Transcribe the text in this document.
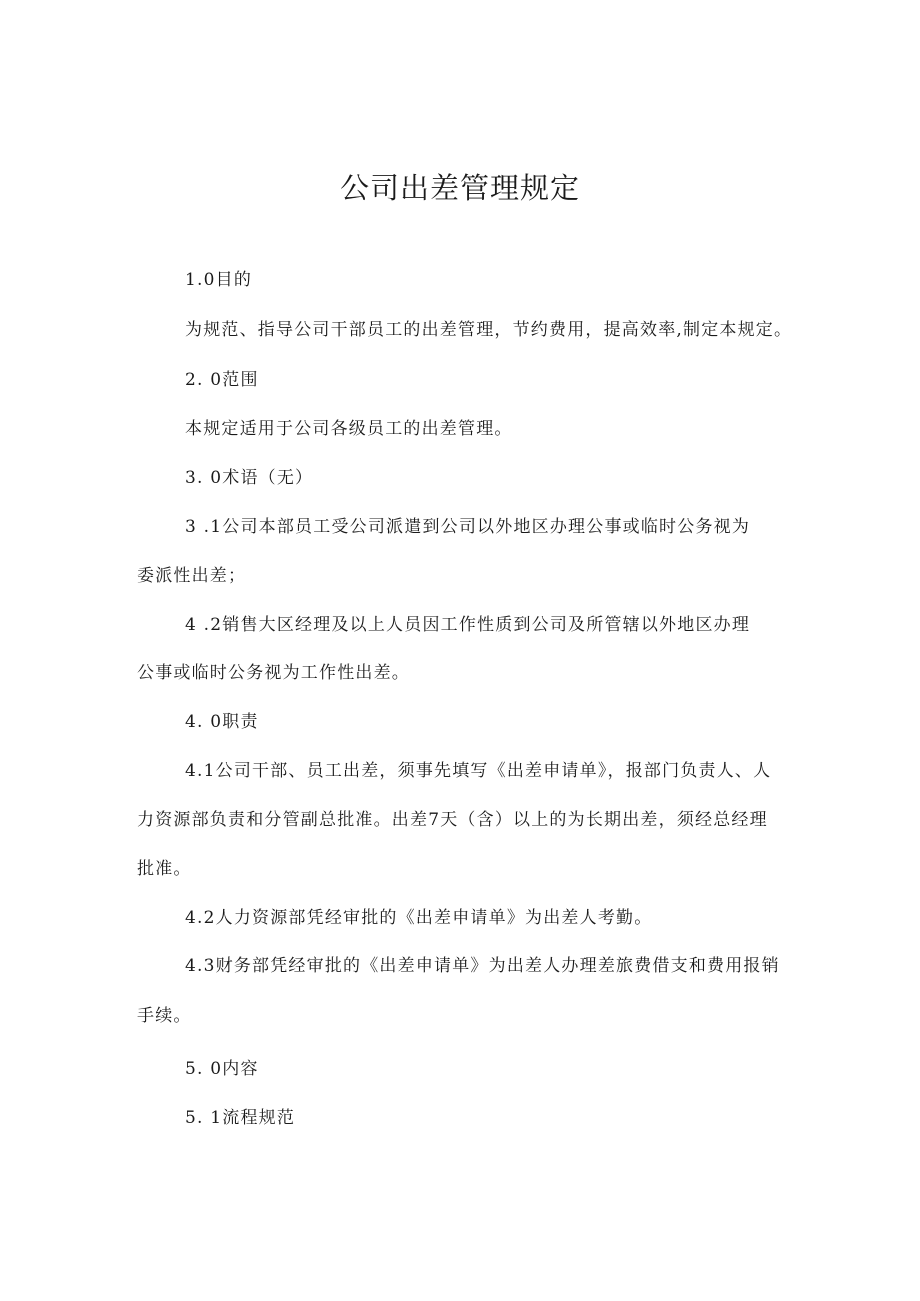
公司出差管理规定

1.0目的

为规范、指导公司干部员工的出差管理，节约费用，提高效率,制定本规定。

2. 0范围

本规定适用于公司各级员工的出差管理。

3. 0术语（无）

3 .1公司本部员工受公司派遣到公司以外地区办理公事或临时公务视为

委派性出差；

4 .2销售大区经理及以上人员因工作性质到公司及所管辖以外地区办理

公事或临时公务视为工作性出差。

4. 0职责

4.1公司干部、员工出差，须事先填写《出差申请单》，报部门负责人、人

力资源部负责和分管副总批准。出差7天（含）以上的为长期出差，须经总经理

批准。

4.2人力资源部凭经审批的《出差申请单》为出差人考勤。

4.3财务部凭经审批的《出差申请单》为出差人办理差旅费借支和费用报销

手续。

5. 0内容

5. 1流程规范
